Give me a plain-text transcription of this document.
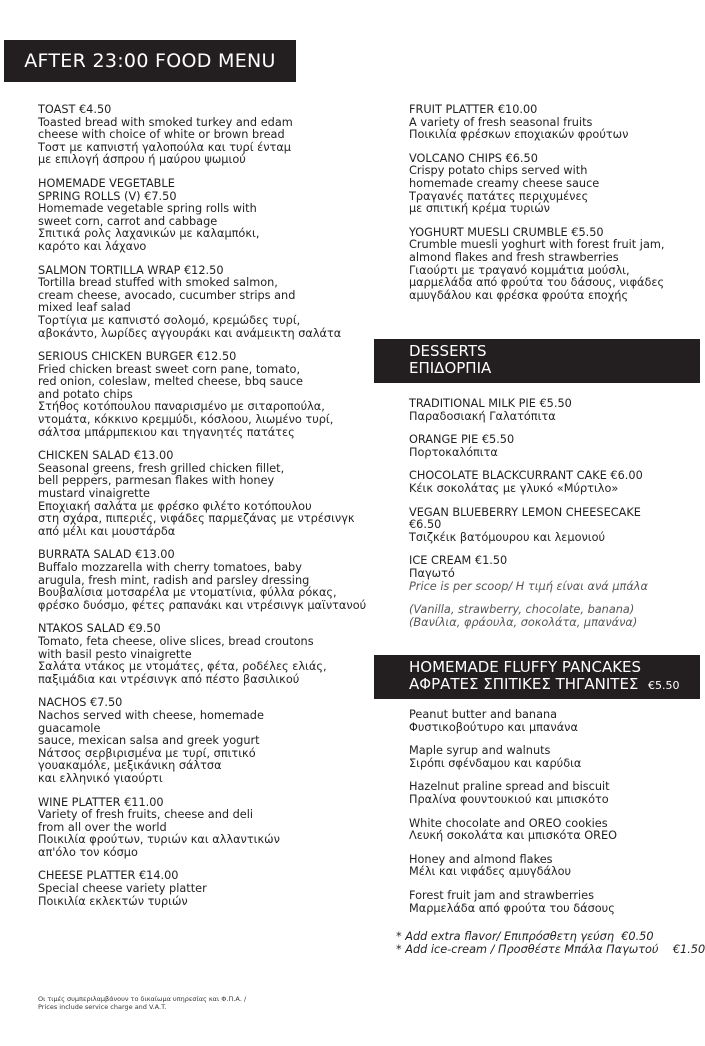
AFTER 23:00 FOOD MENU
TOAST €4.50
Toasted bread with smoked turkey and edam
cheese with choice of white or brown bread
Τοστ με καπνιστή γαλοπούλα και τυρί ένταμ
με επιλογή άσπρου ή μαύρου ψωμιού
HOMEMADE VEGETABLE
SPRING ROLLS (V) €7.50
Homemade vegetable spring rolls with
sweet corn, carrot and cabbage
Σπιτικά ρολς λαχανικών με καλαμπόκι,
καρότο και λάχανο
SALMON TORTILLA WRAP €12.50
Tortilla bread stuffed with smoked salmon,
cream cheese, avocado, cucumber strips and
mixed leaf salad
Τορτίγια με καπνιστό σολομό, κρεμώδες τυρί,
αβοκάντο, λωρίδες αγγουράκι και ανάμεικτη σαλάτα
SERIOUS CHICKEN BURGER €12.50
Fried chicken breast sweet corn pane, tomato,
red onion, coleslaw, melted cheese, bbq sauce
and potato chips
Στήθος κοτόπουλου παναρισμένο με σιταροπούλα,
ντομάτα, κόκκινο κρεμμύδι, κόσλοου, λιωμένο τυρί,
σάλτσα μπάρμπεκιου και τηγανητές πατάτες
CHICKEN SALAD €13.00
Seasonal greens, fresh grilled chicken fillet,
bell peppers, parmesan flakes with honey
mustard vinaigrette
Εποχιακή σαλάτα με φρέσκο φιλέτο κοτόπουλου
στη σχάρα, πιπεριές, νιφάδες παρμεζάνας με ντρέσινγκ
από μέλι και μουστάρδα
BURRATA SALAD €13.00
Buffalo mozzarella with cherry tomatoes, baby
arugula, fresh mint, radish and parsley dressing
Βουβαλίσια μοτσαρέλα με ντοματίνια, φύλλα ρόκας,
φρέσκο δυόσμο, φέτες ραπανάκι και ντρέσινγκ μαϊντανού
NTAKOS SALAD €9.50
Tomato, feta cheese, olive slices, bread croutons
with basil pesto vinaigrette
Σαλάτα ντάκος με ντομάτες, φέτα, ροδέλες ελιάς,
παξιμάδια και ντρέσινγκ από πέστο βασιλικού
NACHOS €7.50
Nachos served with cheese, homemade
guacamole
sauce, mexican salsa and greek yogurt
Νάτσος σερβιρισμένα με τυρί, σπιτικό
γουακαμόλε, μεξικάνικη σάλτσα
και ελληνικό γιαούρτι
WINE PLATTER €11.00
Variety of fresh fruits, cheese and deli
from all over the world
Ποικιλία φρούτων, τυριών και αλλαντικών
απ'όλο τον κόσμο
CHEESE PLATTER €14.00
Special cheese variety platter
Ποικιλία εκλεκτών τυριών
FRUIT PLATTER €10.00
A variety of fresh seasonal fruits
Ποικιλία φρέσκων εποχιακών φρούτων
VOLCANO CHIPS €6.50
Crispy potato chips served with
homemade creamy cheese sauce
Τραγανές πατάτες περιχυμένες
με σπιτική κρέμα τυριών
YOGHURT MUESLI CRUMBLE €5.50
Crumble muesli yoghurt with forest fruit jam,
almond flakes and fresh strawberries
Γιαούρτι με τραγανό κομμάτια μούσλι,
μαρμελάδα από φρούτα του δάσους, νιφάδες
αμυγδάλου και φρέσκα φρούτα εποχής
DESSERTS
ΕΠΙΔΟΡΠΙΑ
TRADITIONAL MILK PIE €5.50
Παραδοσιακή Γαλατόπιτα
ORANGE PIE €5.50
Πορτοκαλόπιτα
CHOCOLATE BLACKCURRANT CAKE €6.00
Κέικ σοκολάτας με γλυκό «Μύρτιλο»
VEGAN BLUEBERRY LEMON CHEESECAKE
€6.50
Τσιζκέικ βατόμουρου και λεμονιού
ICE CREAM €1.50
Παγωτό
Price is per scoop/ Η τιμή είναι ανά μπάλα
(Vanilla, strawberry, chocolate, banana)
(Βανίλια, φράουλα, σοκολάτα, μπανάνα)
HOMEMADE FLUFFY PANCAKES
ΑΦΡΑΤΕΣ ΣΠΙΤΙΚΕΣ ΤΗΓΑΝΙΤΕΣ €5.50
Peanut butter and banana
Φυστικοβούτυρο και μπανάνα
Maple syrup and walnuts
Σιρόπι σφένδαμου και καρύδια
Hazelnut praline spread and biscuit
Πραλίνα φουντουκιού και μπισκότο
White chocolate and OREO cookies
Λευκή σοκολάτα και μπισκότα OREO
Honey and almond flakes
Μέλι και νιφάδες αμυγδάλου
Forest fruit jam and strawberries
Μαρμελάδα από φρούτα του δάσους
* Add extra flavor/ Επιπρόσθετη γεύση €0.50
* Add ice-cream / Προσθέστε Μπάλα Παγωτού €1.50
Οι τιμές συμπεριλαμβάνουν το δικαίωμα υπηρεσίας και Φ.Π.Α. /
Prices include service charge and V.A.T.
